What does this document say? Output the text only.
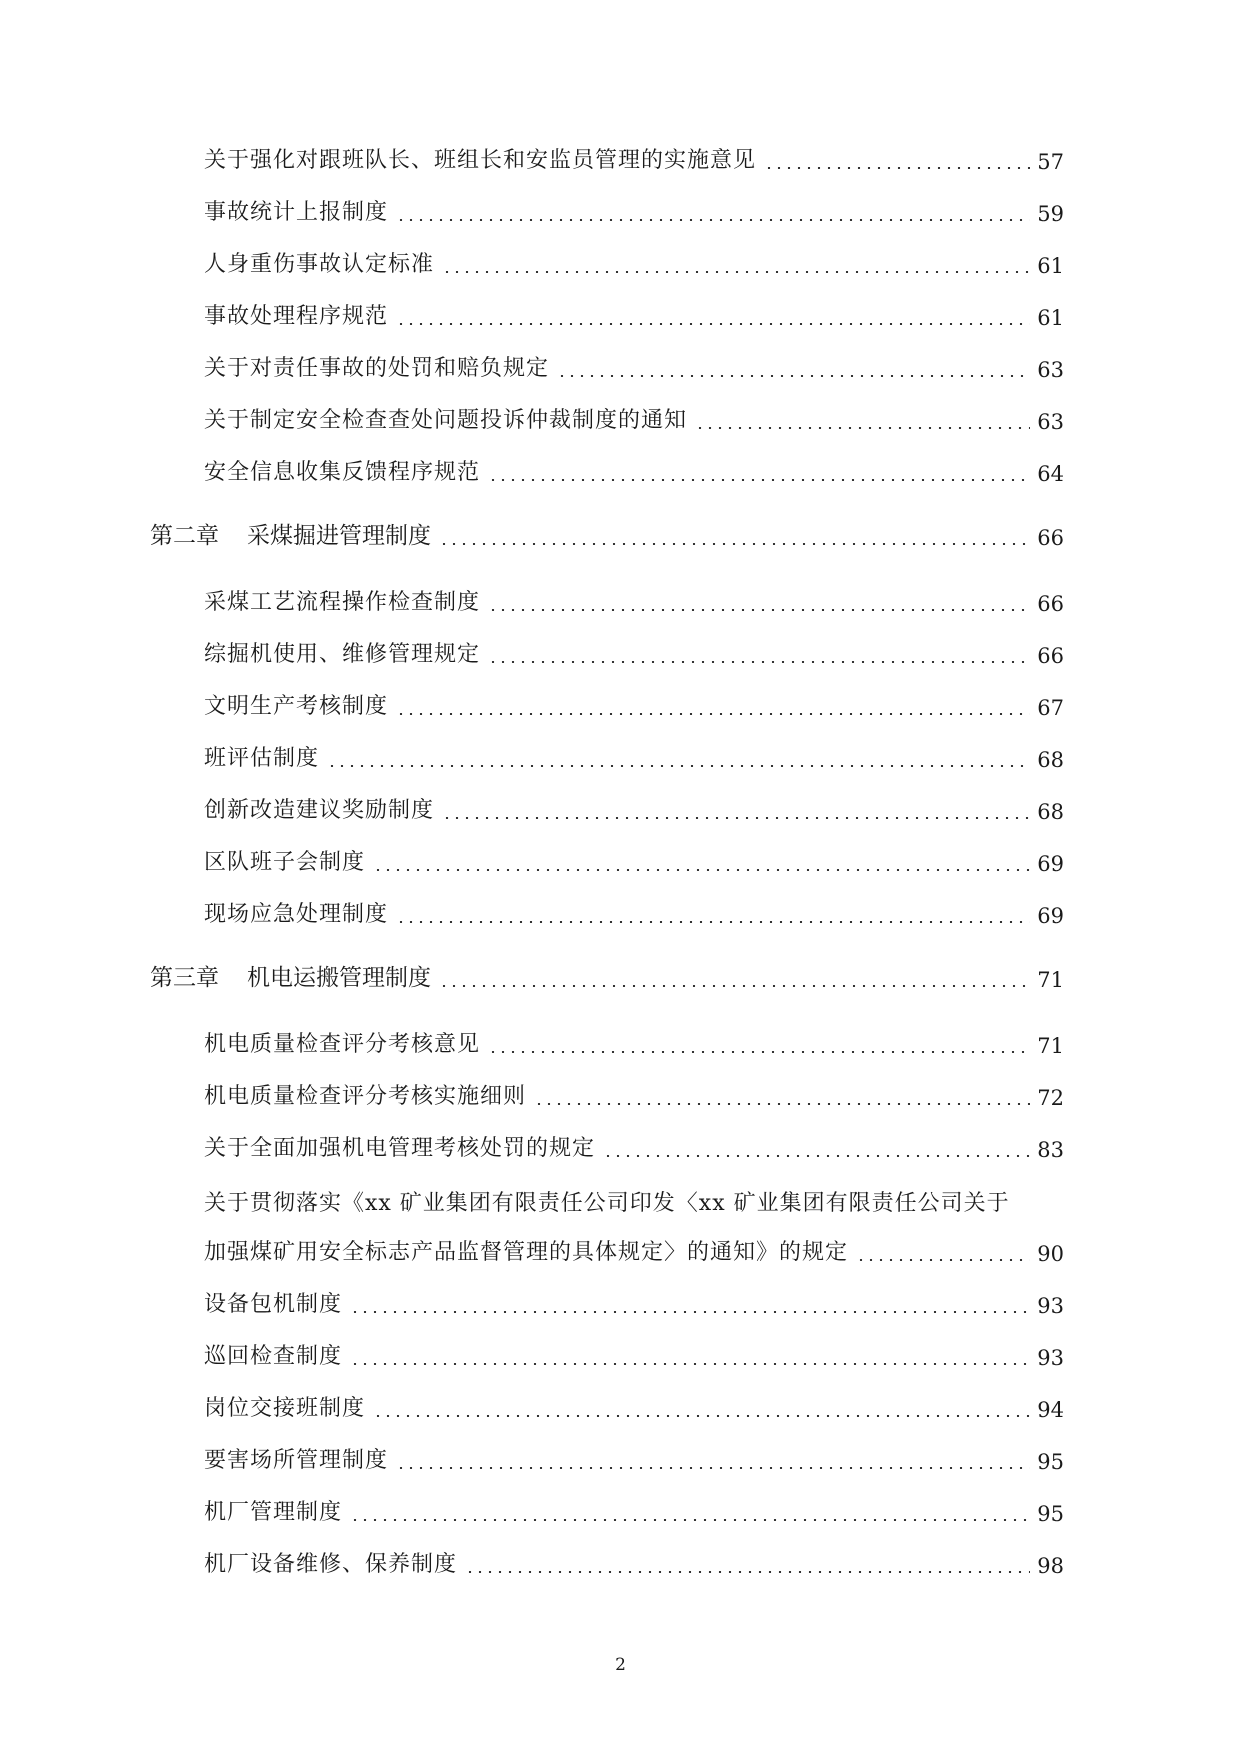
关于强化对跟班队长、班组长和安监员管理的实施意见	57
事故统计上报制度	59
人身重伤事故认定标准	61
事故处理程序规范	61
关于对责任事故的处罚和赔负规定	63
关于制定安全检查查处问题投诉仲裁制度的通知	63
安全信息收集反馈程序规范	64
第二章 采煤掘进管理制度	66
采煤工艺流程操作检查制度	66
综掘机使用、维修管理规定	66
文明生产考核制度	67
班评估制度	68
创新改造建议奖励制度	68
区队班子会制度	69
现场应急处理制度	69
第三章 机电运搬管理制度	71
机电质量检查评分考核意见	71
机电质量检查评分考核实施细则	72
关于全面加强机电管理考核处罚的规定	83
关于贯彻落实《xx 矿业集团有限责任公司印发〈xx 矿业集团有限责任公司关于
加强煤矿用安全标志产品监督管理的具体规定〉的通知》的规定	90
设备包机制度	93
巡回检查制度	93
岗位交接班制度	94
要害场所管理制度	95
机厂管理制度	95
机厂设备维修、保养制度	98
2
